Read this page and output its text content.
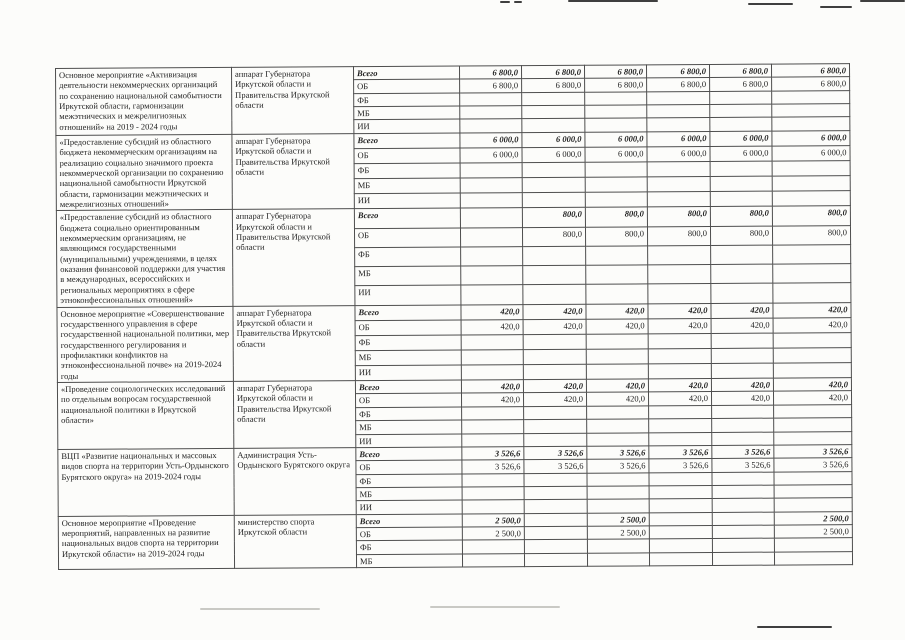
Основное мероприятие «Активизация деятельности некоммерческих организаций по сохранению национальной самобытности Иркутской области, гармонизации межэтнических и межрелигиозных отношений» на 2019 - 2024 годы	аппарат Губернатора Иркутской области и Правительства Иркутской области	Всего	6 800,0	6 800,0	6 800,0	6 800,0	6 800,0	6 800,0
		ОБ	6 800,0	6 800,0	6 800,0	6 800,0	6 800,0	6 800,0
		ФБ						
		МБ						
		ИИ						
«Предоставление субсидий из областного бюджета некоммерческим организациям на реализацию социально значимого проекта некоммерческой организации по сохранению национальной самобытности Иркутской области, гармонизации межэтнических и межрелигиозных отношений»	аппарат Губернатора Иркутской области и Правительства Иркутской области	Всего	6 000,0	6 000,0	6 000,0	6 000,0	6 000,0	6 000,0
		ОБ	6 000,0	6 000,0	6 000,0	6 000,0	6 000,0	6 000,0
		ФБ						
		МБ						
		ИИ						
«Предоставление субсидий из областного бюджета социально ориентированным некоммерческим организациям, не являющимся государственными (муниципальными) учреждениями, в целях оказания финансовой поддержки для участия в международных, всероссийских и региональных мероприятиях в сфере этноконфессиональных отношений»	аппарат Губернатора Иркутской области и Правительства Иркутской области	Всего		800,0	800,0	800,0	800,0	800,0
		ОБ		800,0	800,0	800,0	800,0	800,0
		ФБ						
		МБ						
		ИИ						
Основное мероприятие «Совершенствование государственного управления в сфере государственной национальной политики, мер государственного регулирования и профилактики конфликтов на этноконфессиональной почве» на 2019-2024 годы	аппарат Губернатора Иркутской области и Правительства Иркутской области	Всего	420,0	420,0	420,0	420,0	420,0	420,0
		ОБ	420,0	420,0	420,0	420,0	420,0	420,0
		ФБ						
		МБ						
		ИИ						
«Проведение социологических исследований по отдельным вопросам государственной национальной политики в Иркутской области»	аппарат Губернатора Иркутской области и Правительства Иркутской области	Всего	420,0	420,0	420,0	420,0	420,0	420,0
		ОБ	420,0	420,0	420,0	420,0	420,0	420,0
		ФБ						
		МБ						
		ИИ						
ВЦП «Развитие национальных и массовых видов спорта на территории Усть-Ордынского Бурятского округа» на 2019-2024 годы	Администрация Усть-Ордынского Бурятского округа	Всего	3 526,6	3 526,6	3 526,6	3 526,6	3 526,6	3 526,6
		ОБ	3 526,6	3 526,6	3 526,6	3 526,6	3 526,6	3 526,6
		ФБ						
		МБ						
		ИИ						
Основное мероприятие «Проведение мероприятий, направленных на развитие национальных видов спорта на территории Иркутской области» на 2019-2024 годы	министерство спорта Иркутской области	Всего	2 500,0		2 500,0			2 500,0
		ОБ	2 500,0		2 500,0			2 500,0
		ФБ						
		МБ						
